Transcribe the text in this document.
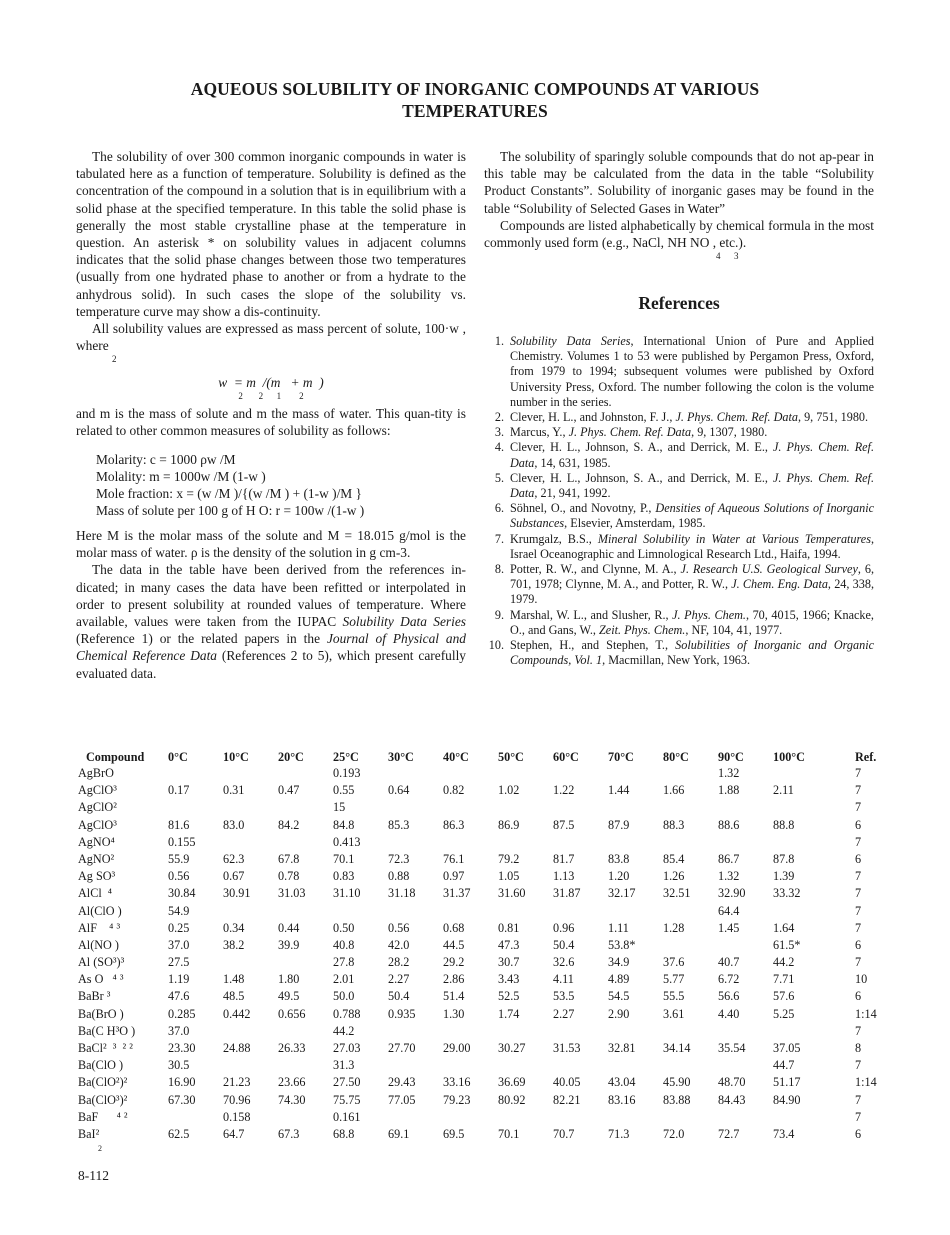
AQUEOUS SOLUBILITY OF INORGANIC COMPOUNDS AT VARIOUS
TEMPERATURES

The solubility of over 300 common inorganic compounds in water is tabulated here as a function of temperature. Solubility is defined as the concentration of the compound in a solution that is in equilibrium with a solid phase at the specified temperature. In this table the solid phase is generally the most stable crystalline phase at the temperature in question. An asterisk * on solubility values in adjacent columns indicates that the solid phase changes between those two temperatures (usually from one hydrated phase to another or from a hydrate to the anhydrous solid). In such cases the slope of the solubility vs. temperature curve may show a dis-continuity.

All solubility values are expressed as mass percent of solute, 100·w , where

2
w  = m  /(m   + m  )
2       2      1        2

and m is the mass of solute and m the mass of water. This quan-tity is related to other common measures of solubility as follows:

Molarity: c = 1000 ρw /M
Molality: m = 1000w /M (1-w )
Mole fraction: x = (w /M )/{(w /M ) + (1-w )/M }
Mass of solute per 100 g of H O: r = 100w /(1-w )

Here M is the molar mass of the solute and M = 18.015 g/mol is the molar mass of water. ρ is the density of the solution in g cm-3.

The data in the table have been derived from the references in-dicated; in many cases the data have been refitted or interpolated in order to present solubility at rounded values of temperature. Where available, values were taken from the IUPAC Solubility Data Series (Reference 1) or the related papers in the Journal of Physical and Chemical Reference Data (References 2 to 5), which present carefully evaluated data.

The solubility of sparingly soluble compounds that do not ap-pear in this table may be calculated from the data in the table “Solubility Product Constants”. Solubility of inorganic gases may be found in the table “Solubility of Selected Gases in Water”

Compounds are listed alphabetically by chemical formula in the most commonly used form (e.g., NaCl, NH NO , etc.).

4      3
References
1. Solubility Data Series, International Union of Pure and Applied Chemistry. Volumes 1 to 53 were published by Pergamon Press, Oxford, from 1979 to 1994; subsequent volumes were published by Oxford University Press, Oxford. The number following the colon is the volume number in the series.
2. Clever, H. L., and Johnston, F. J., J. Phys. Chem. Ref. Data, 9, 751, 1980.
3. Marcus, Y., J. Phys. Chem. Ref. Data, 9, 1307, 1980.
4. Clever, H. L., Johnson, S. A., and Derrick, M. E., J. Phys. Chem. Ref. Data, 14, 631, 1985.
5. Clever, H. L., Johnson, S. A., and Derrick, M. E., J. Phys. Chem. Ref. Data, 21, 941, 1992.
6. Söhnel, O., and Novotny, P., Densities of Aqueous Solutions of Inorganic Substances, Elsevier, Amsterdam, 1985.
7. Krumgalz, B.S., Mineral Solubility in Water at Various Temperatures, Israel Oceanographic and Limnological Research Ltd., Haifa, 1994.
8. Potter, R. W., and Clynne, M. A., J. Research U.S. Geological Survey, 6, 701, 1978; Clynne, M. A., and Potter, R. W., J. Chem. Eng. Data, 24, 338, 1979.
9. Marshal, W. L., and Slusher, R., J. Phys. Chem., 70, 4015, 1966; Knacke, O., and Gans, W., Zeit. Phys. Chem., NF, 104, 41, 1977.
10. Stephen, H., and Stephen, T., Solubilities of Inorganic and Organic Compounds, Vol. 1, Macmillan, New York, 1963.
Compound	0°C	10°C	20°C	25°C	30°C	40°C	50°C	60°C	70°C	80°C	90°C	100°C	Ref.
AgBrO				0.193							1.32		7
AgClO³	0.17	0.31	0.47	0.55	0.64	0.82	1.02	1.22	1.44	1.66	1.88	2.11	7
AgClO²				15									7
AgClO³	81.6	83.0	84.2	84.8	85.3	86.3	86.9	87.5	87.9	88.3	88.6	88.8	6
AgNO⁴	0.155			0.413									7
AgNO²	55.9	62.3	67.8	70.1	72.3	76.1	79.2	81.7	83.8	85.4	86.7	87.8	6
Ag SO³	0.56	0.67	0.78	0.83	0.88	0.97	1.05	1.13	1.20	1.26	1.32	1.39	7
AlCl  ⁴	30.84	30.91	31.03	31.10	31.18	31.37	31.60	31.87	32.17	32.51	32.90	33.32	7
Al(ClO )	54.9										64.4		7
AlF    ⁴ ³	0.25	0.34	0.44	0.50	0.56	0.68	0.81	0.96	1.11	1.28	1.45	1.64	7
Al(NO )	37.0	38.2	39.9	40.8	42.0	44.5	47.3	50.4	53.8*			61.5*	6
Al (SO³)³	27.5			27.8	28.2	29.2	30.7	32.6	34.9	37.6	40.7	44.2	7
As O   ⁴ ³	1.19	1.48	1.80	2.01	2.27	2.86	3.43	4.11	4.89	5.77	6.72	7.71	10
BaBr ³	47.6	48.5	49.5	50.0	50.4	51.4	52.5	53.5	54.5	55.5	56.6	57.6	6
Ba(BrO )	0.285	0.442	0.656	0.788	0.935	1.30	1.74	2.27	2.90	3.61	4.40	5.25	1:14
Ba(C H³O )	37.0			44.2									7
BaCl²  ³  ² ²	23.30	24.88	26.33	27.03	27.70	29.00	30.27	31.53	32.81	34.14	35.54	37.05	8
Ba(ClO )	30.5			31.3								44.7	7
Ba(ClO²)²	16.90	21.23	23.66	27.50	29.43	33.16	36.69	40.05	43.04	45.90	48.70	51.17	1:14
Ba(ClO³)²	67.30	70.96	74.30	75.75	77.05	79.23	80.92	82.21	83.16	83.88	84.43	84.90	7
BaF      ⁴ ²		0.158		0.161									7
BaI²	62.5	64.7	67.3	68.8	69.1	69.5	70.1	70.7	71.3	72.0	72.7	73.4	6
2													
8-112
